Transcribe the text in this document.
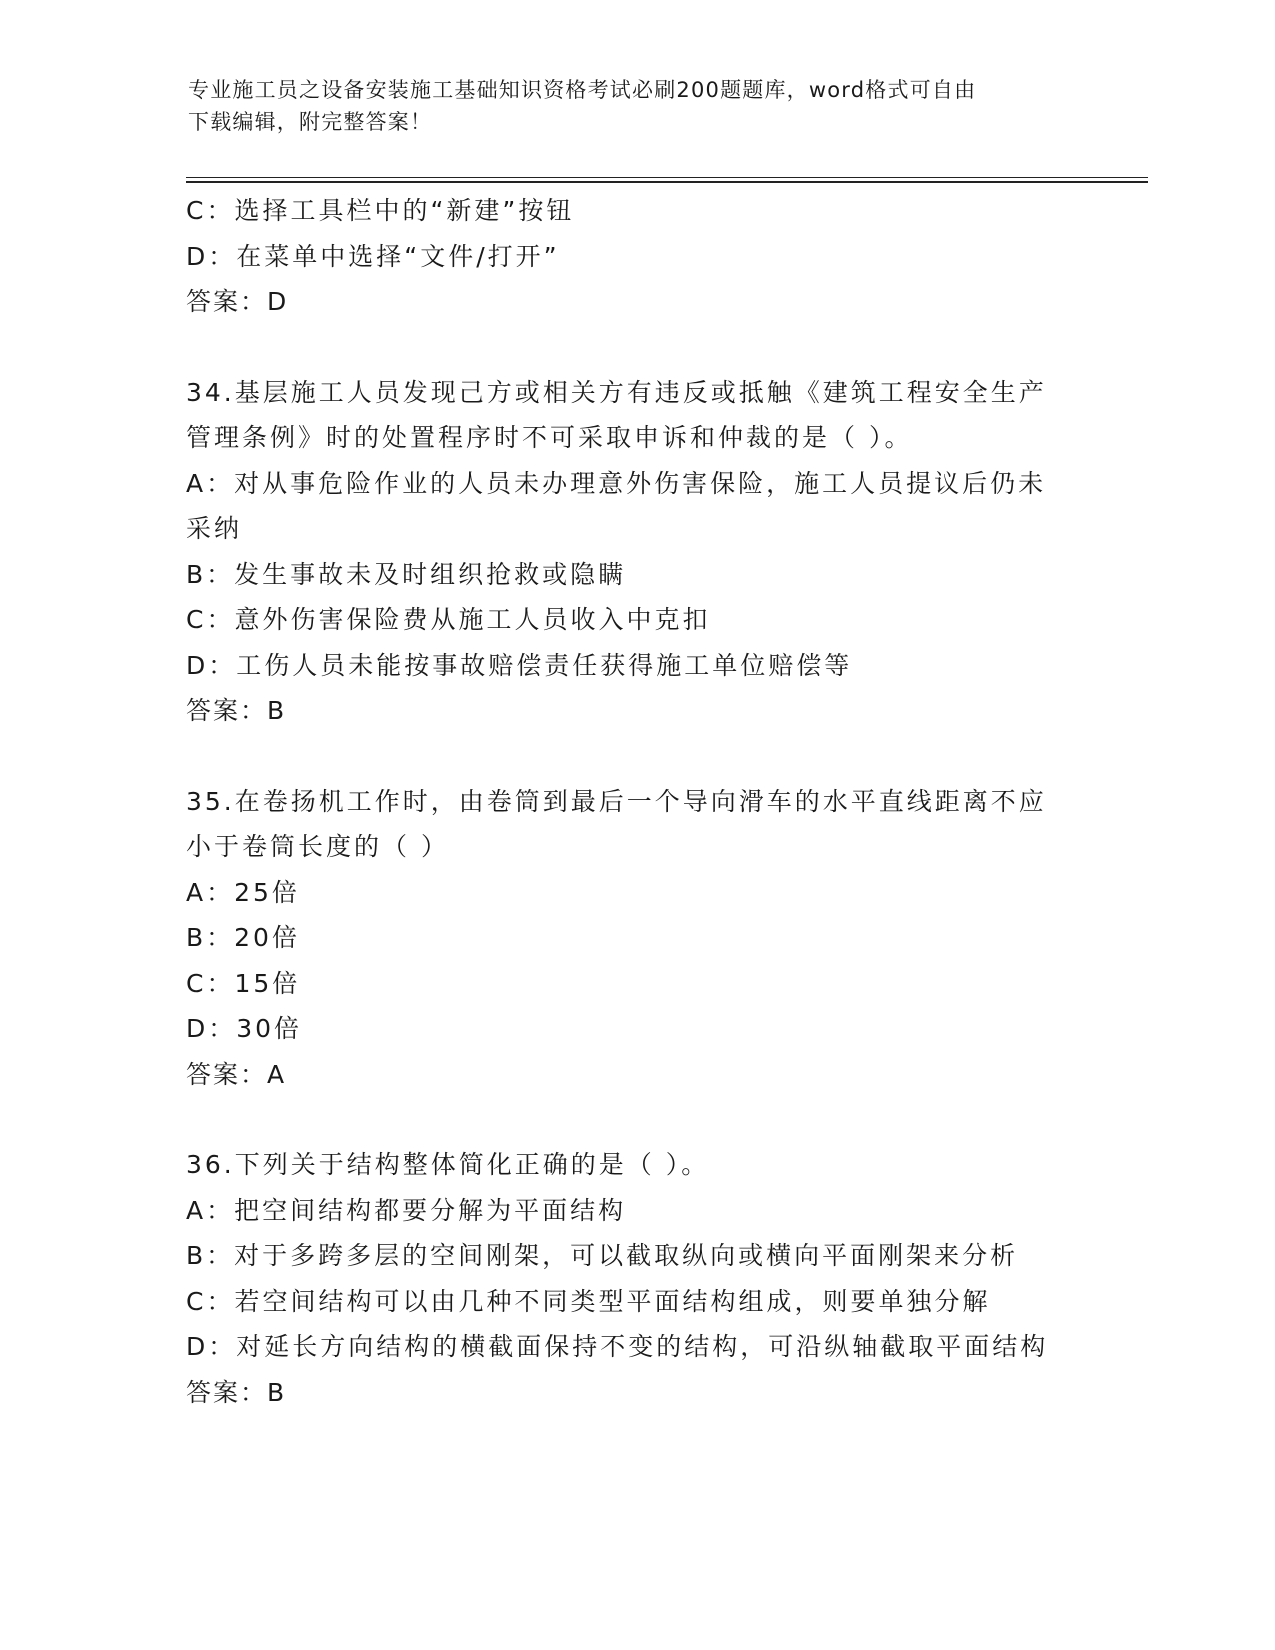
专业施工员之设备安装施工基础知识资格考试必刷200题题库，word格式可自由
下载编辑，附完整答案！
C：选择工具栏中的“新建”按钮
D：在菜单中选择“文件/打开”
答案：D
34.基层施工人员发现己方或相关方有违反或抵触《建筑工程安全生产
管理条例》时的处置程序时不可采取申诉和仲裁的是（ ）。
A：对从事危险作业的人员未办理意外伤害保险，施工人员提议后仍未
采纳
B：发生事故未及时组织抢救或隐瞒
C：意外伤害保险费从施工人员收入中克扣
D：工伤人员未能按事故赔偿责任获得施工单位赔偿等
答案：B
35.在卷扬机工作时，由卷筒到最后一个导向滑车的水平直线距离不应
小于卷筒长度的（ ）
A：25倍
B：20倍
C：15倍
D：30倍
答案：A
36.下列关于结构整体简化正确的是（ ）。
A：把空间结构都要分解为平面结构
B：对于多跨多层的空间刚架，可以截取纵向或横向平面刚架来分析
C：若空间结构可以由几种不同类型平面结构组成，则要单独分解
D：对延长方向结构的横截面保持不变的结构，可沿纵轴截取平面结构
答案：B
